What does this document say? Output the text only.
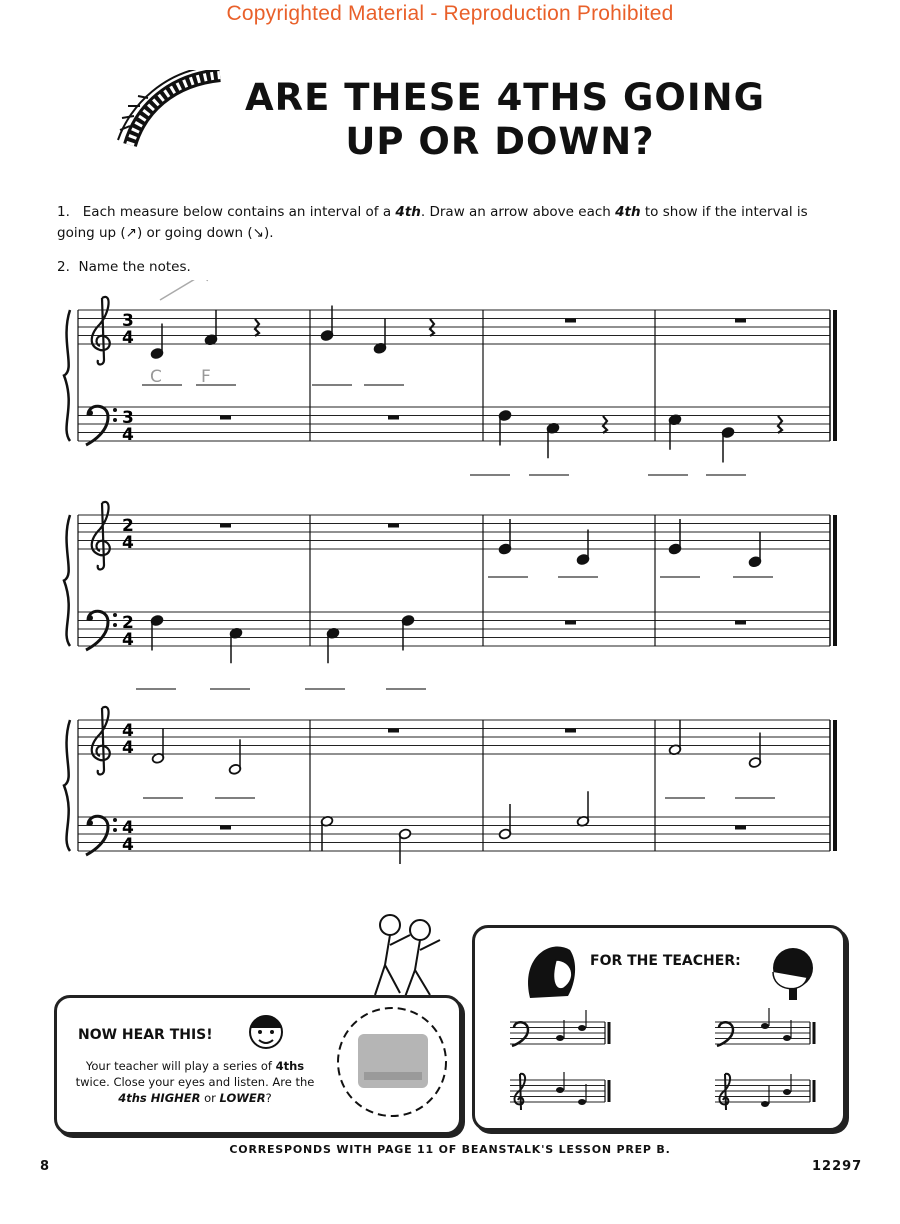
Copyrighted Material - Reproduction Prohibited
ARE THESE 4THS GOING
UP OR DOWN?
1. Each measure below contains an interval of a 4th. Draw an arrow above each 4th to show if the interval is going up (↗) or going down (↘).
2. Name the notes.
3
4
3
4
2
4
2
4
4
4
4
4
C F
NOW HEAR THIS!
Your teacher will play a series of 4ths twice. Close your eyes and listen. Are the 4ths HIGHER or LOWER?
FOR THE TEACHER:
CORRESPONDS WITH PAGE 11 OF BEANSTALK'S LESSON PREP B.
8	12297
